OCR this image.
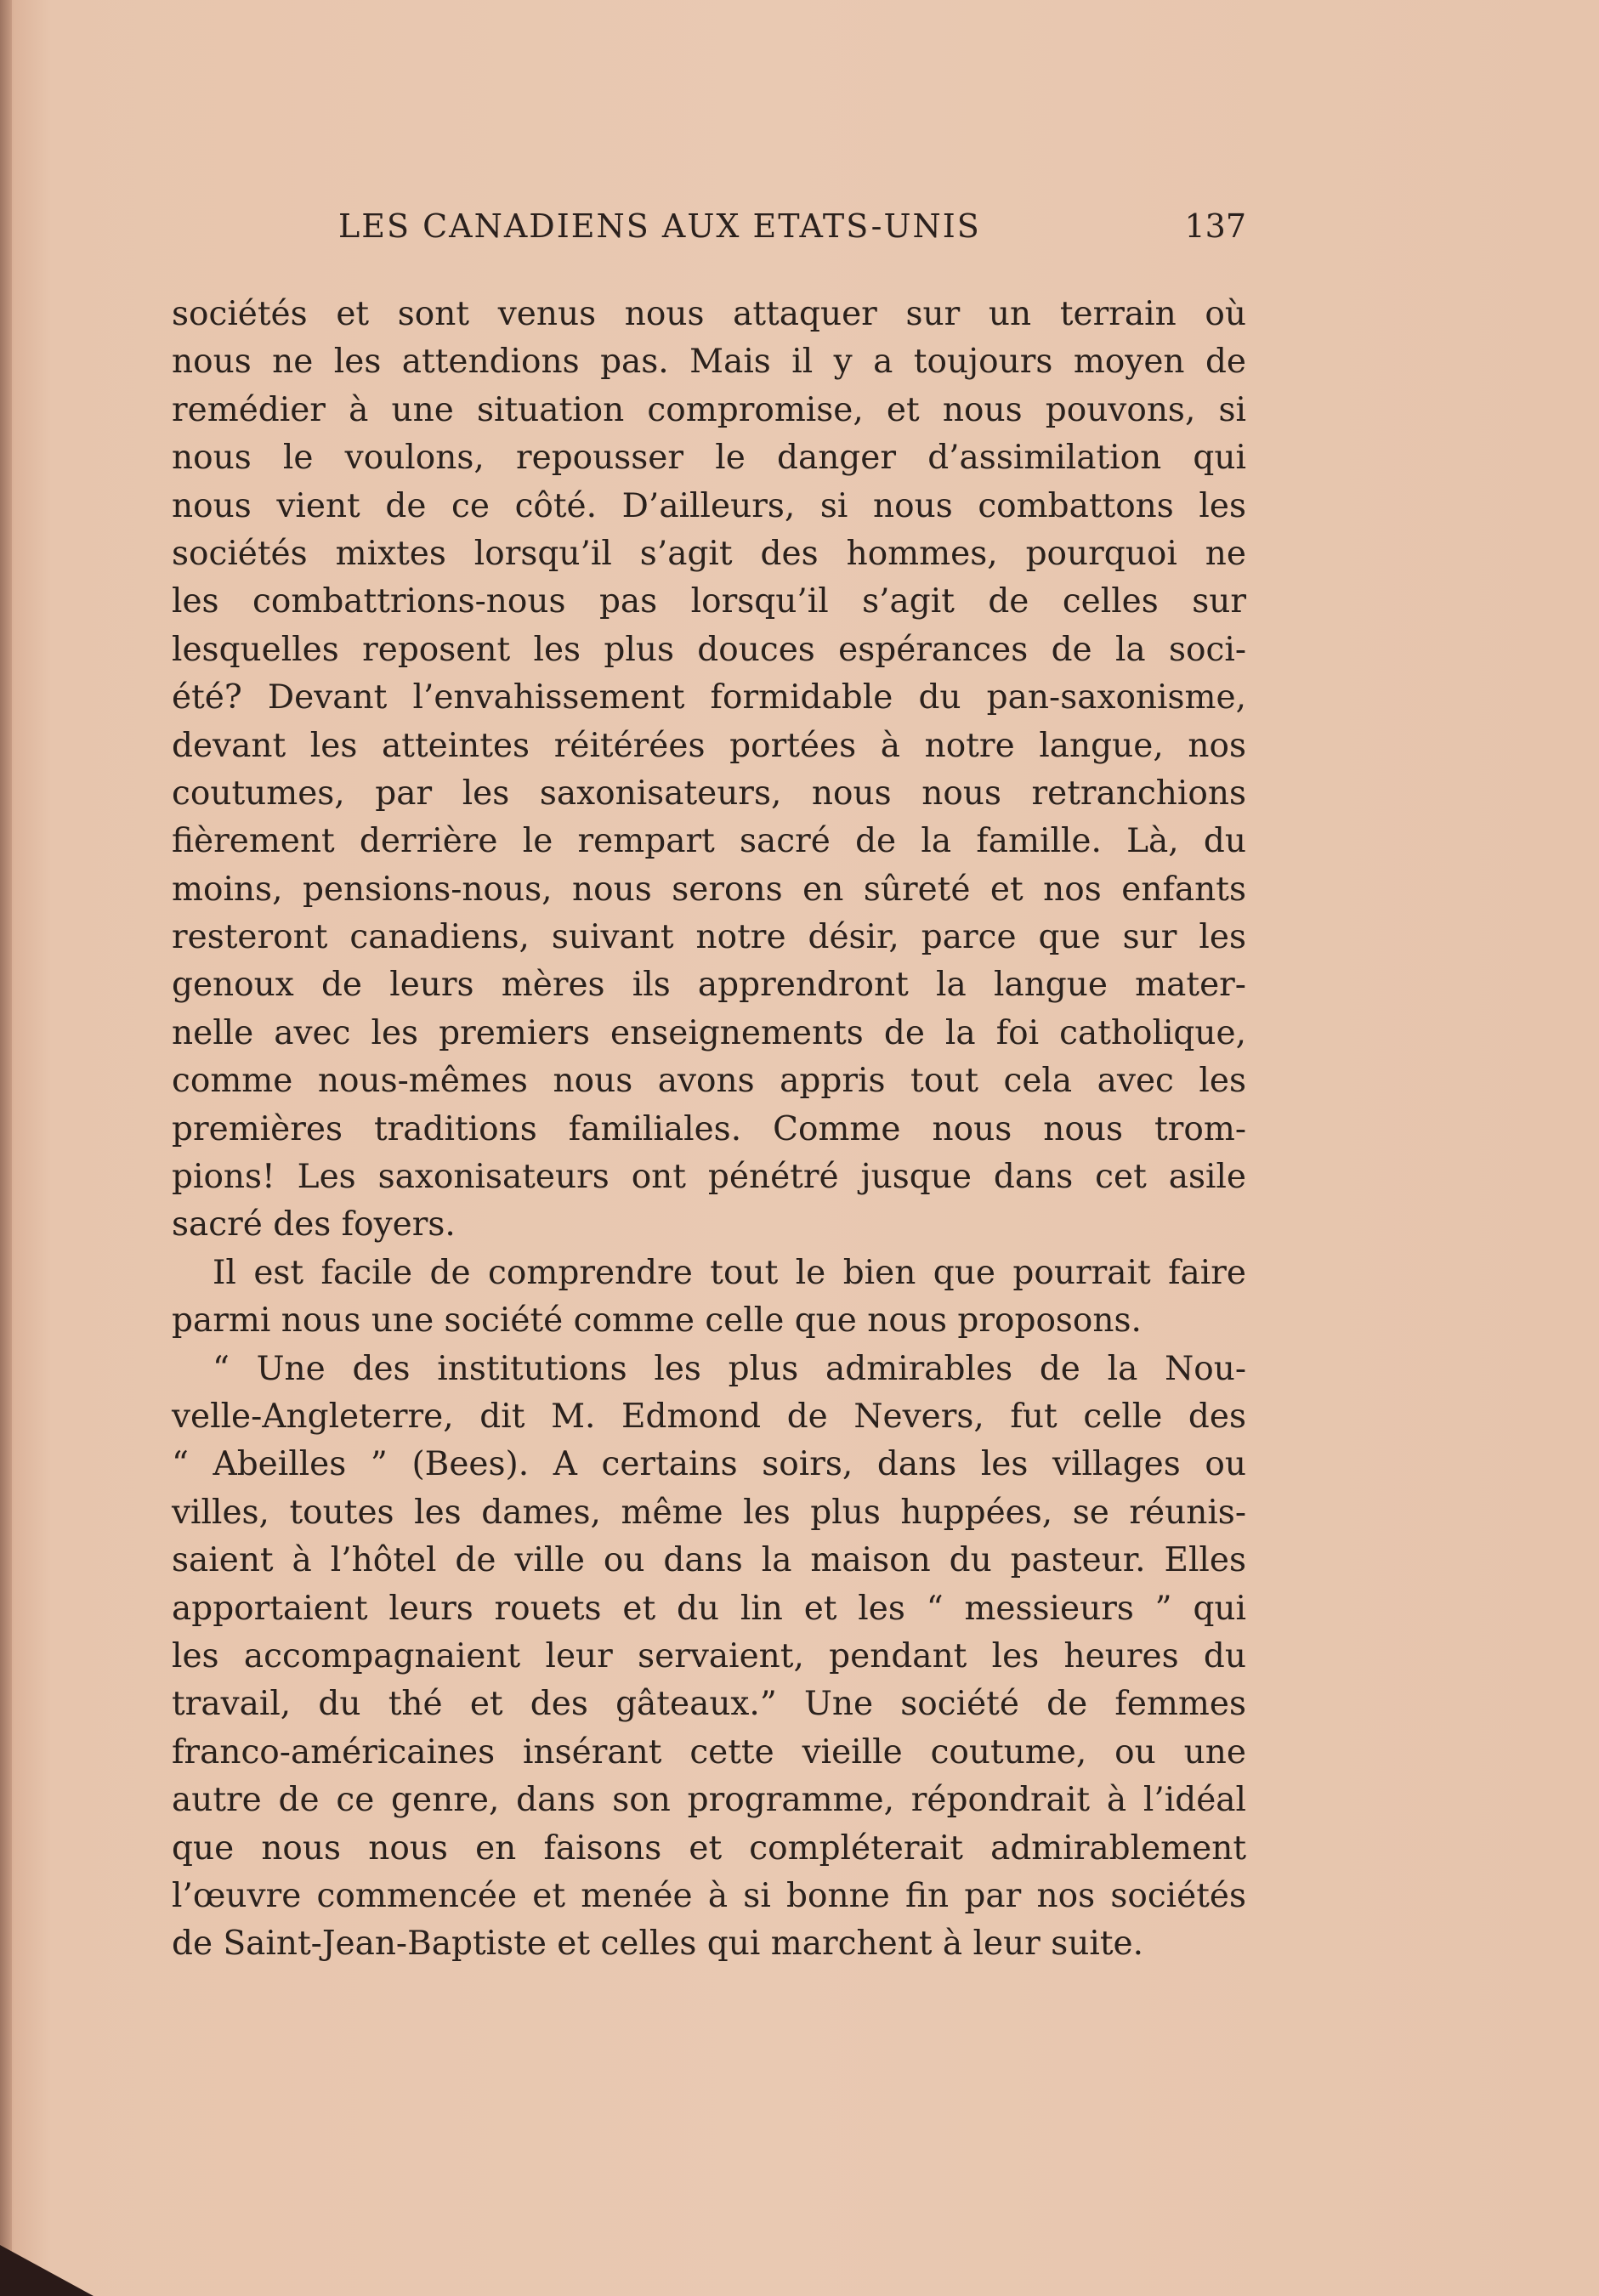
LES CANADIENS AUX ETATS-UNIS	137
sociétés et sont venus nous attaquer sur un terrain où
nous ne les attendions pas. Mais il y a toujours moyen de
remédier à une situation compromise, et nous pouvons, si
nous le voulons, repousser le danger d’assimilation qui
nous vient de ce côté. D’ailleurs, si nous combattons les
sociétés mixtes lorsqu’il s’agit des hommes, pourquoi ne
les combattrions-nous pas lorsqu’il s’agit de celles sur
lesquelles reposent les plus douces espérances de la soci-
été? Devant l’envahissement formidable du pan-saxonisme,
devant les atteintes réitérées portées à notre langue, nos
coutumes, par les saxonisateurs, nous nous retranchions
fièrement derrière le rempart sacré de la famille. Là, du
moins, pensions-nous, nous serons en sûreté et nos enfants
resteront canadiens, suivant notre désir, parce que sur les
genoux de leurs mères ils apprendront la langue mater-
nelle avec les premiers enseignements de la foi catholique,
comme nous-mêmes nous avons appris tout cela avec les
premières traditions familiales. Comme nous nous trom-
pions! Les saxonisateurs ont pénétré jusque dans cet asile
sacré des foyers.
Il est facile de comprendre tout le bien que pourrait faire
parmi nous une société comme celle que nous proposons.
“ Une des institutions les plus admirables de la Nou-
velle-Angleterre, dit M. Edmond de Nevers, fut celle des
“ Abeilles ” (Bees). A certains soirs, dans les villages ou
villes, toutes les dames, même les plus huppées, se réunis-
saient à l’hôtel de ville ou dans la maison du pasteur. Elles
apportaient leurs rouets et du lin et les “ messieurs ” qui
les accompagnaient leur servaient, pendant les heures du
travail, du thé et des gâteaux.” Une société de femmes
franco-américaines insérant cette vieille coutume, ou une
autre de ce genre, dans son programme, répondrait à l’idéal
que nous nous en faisons et compléterait admirablement
l’œuvre commencée et menée à si bonne fin par nos sociétés
de Saint-Jean-Baptiste et celles qui marchent à leur suite.
